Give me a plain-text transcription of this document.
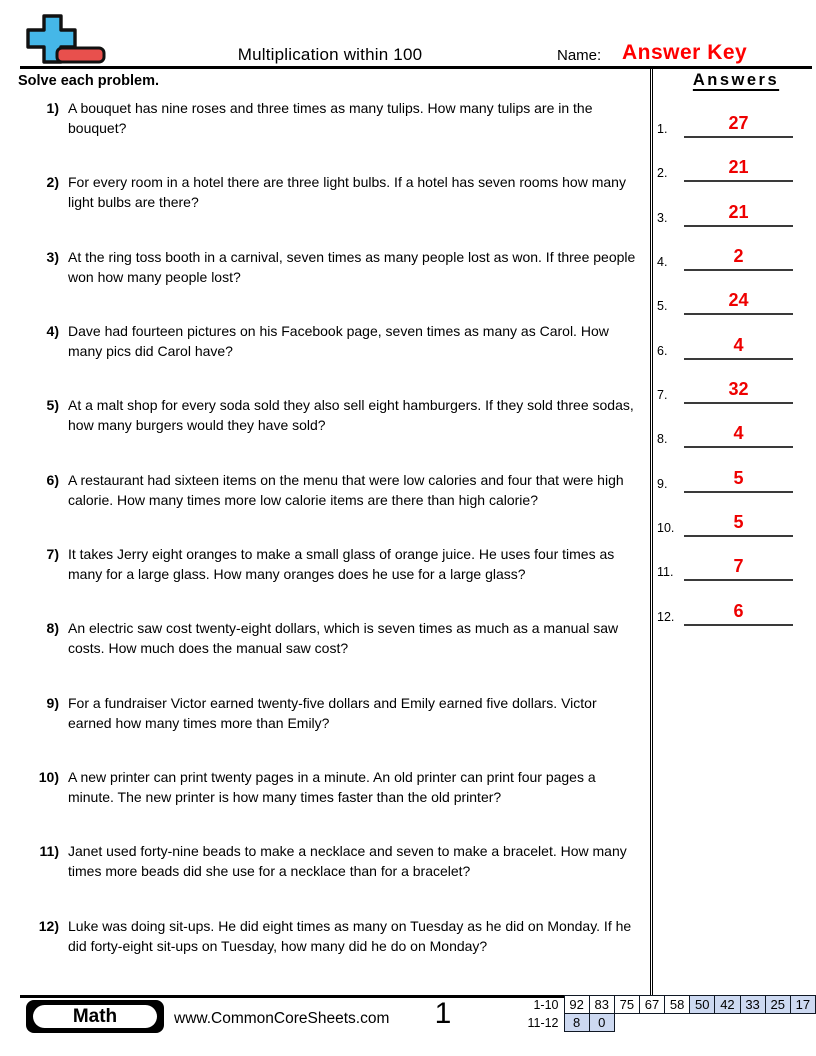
Multiplication within 100	Name: Answer Key
Solve each problem.
1) A bouquet has nine roses and three times as many tulips. How many tulips are in the bouquet?
2) For every room in a hotel there are three light bulbs. If a hotel has seven rooms how many light bulbs are there?
3) At the ring toss booth in a carnival, seven times as many people lost as won. If three people won how many people lost?
4) Dave had fourteen pictures on his Facebook page, seven times as many as Carol. How many pics did Carol have?
5) At a malt shop for every soda sold they also sell eight hamburgers. If they sold three sodas, how many burgers would they have sold?
6) A restaurant had sixteen items on the menu that were low calories and four that were high calorie. How many times more low calorie items are there than high calorie?
7) It takes Jerry eight oranges to make a small glass of orange juice. He uses four times as many for a large glass. How many oranges does he use for a large glass?
8) An electric saw cost twenty-eight dollars, which is seven times as much as a manual saw costs. How much does the manual saw cost?
9) For a fundraiser Victor earned twenty-five dollars and Emily earned five dollars. Victor earned how many times more than Emily?
10) A new printer can print twenty pages in a minute. An old printer can print four pages a minute. The new printer is how many times faster than the old printer?
11) Janet used forty-nine beads to make a necklace and seven to make a bracelet. How many times more beads did she use for a necklace than for a bracelet?
12) Luke was doing sit-ups. He did eight times as many on Tuesday as he did on Monday. If he did forty-eight sit-ups on Tuesday, how many did he do on Monday?
Answers
1.	27
2.	21
3.	21
4.	2
5.	24
6.	4
7.	32
8.	4
9.	5
10.	5
11.	7
12.	6
Math	www.CommonCoreSheets.com	1	1-10	92	83	75	67	58	50	42	33	25	17
11-12	8	0								
